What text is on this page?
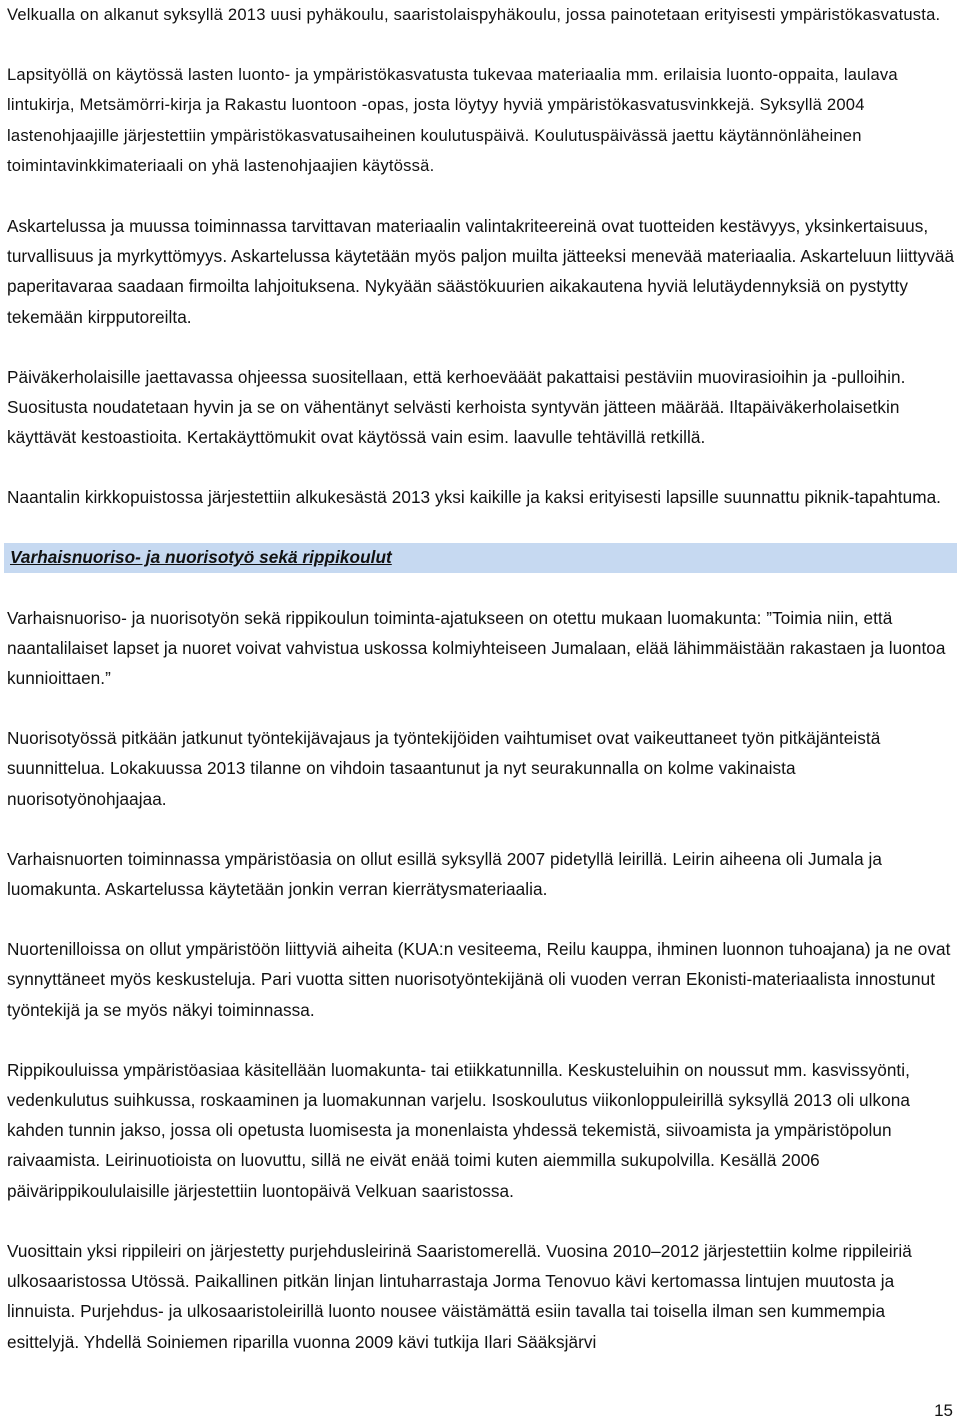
Velkualla on alkanut syksyllä 2013 uusi pyhäkoulu, saaristolaispyhäkoulu, jossa painotetaan erityisesti ympäristökasvatusta.

Lapsityöllä on käytössä lasten luonto- ja ympäristökasvatusta tukevaa materiaalia mm. erilaisia luonto-oppaita, laulava lintukirja, Metsämörri-kirja ja Rakastu luontoon -opas, josta löytyy hyviä ympäristökasvatusvinkkejä. Syksyllä 2004 lastenohjaajille järjestettiin ympäristökasvatusaiheinen koulutuspäivä. Koulutuspäivässä jaettu käytännönläheinen toimintavinkkimateriaali on yhä lastenohjaajien käytössä.

Askartelussa ja muussa toiminnassa tarvittavan materiaalin valintakriteereinä ovat tuotteiden kestävyys, yksinkertaisuus, turvallisuus ja myrkyttömyys. Askartelussa käytetään myös paljon muilta jätteeksi menevää materiaalia. Askarteluun liittyvää paperitavaraa saadaan firmoilta lahjoituksena. Nykyään säästökuurien aikakautena hyviä lelutäydennyksiä on pystytty tekemään kirpputoreilta.

Päiväkerholaisille jaettavassa ohjeessa suositellaan, että kerhoevääät pakattaisi pestäviin muovirasioihin ja -pulloihin. Suositusta noudatetaan hyvin ja se on vähentänyt selvästi kerhoista syntyvän jätteen määrää. Iltapäiväkerholaisetkin käyttävät kestoastioita. Kertakäyttömukit ovat käytössä vain esim. laavulle tehtävillä retkillä.

Naantalin kirkkopuistossa järjestettiin alkukesästä 2013 yksi kaikille ja kaksi erityisesti lapsille suunnattu piknik-tapahtuma.

Varhaisnuoriso- ja nuorisotyö sekä rippikoulut

Varhaisnuoriso- ja nuorisotyön sekä rippikoulun toiminta-ajatukseen on otettu mukaan luomakunta: ”Toimia niin, että naantalilaiset lapset ja nuoret voivat vahvistua uskossa kolmiyhteiseen Jumalaan, elää lähimmäistään rakastaen ja luontoa kunnioittaen.”

Nuorisotyössä pitkään jatkunut työntekijävajaus ja työntekijöiden vaihtumiset ovat vaikeuttaneet työn pitkäjänteistä suunnittelua. Lokakuussa 2013 tilanne on vihdoin tasaantunut ja nyt seurakunnalla on kolme vakinaista nuorisotyönohjaajaa.

Varhaisnuorten toiminnassa ympäristöasia on ollut esillä syksyllä 2007 pidetyllä leirillä. Leirin aiheena oli Jumala ja luomakunta. Askartelussa käytetään jonkin verran kierrätysmateriaalia.

Nuortenilloissa on ollut ympäristöön liittyviä aiheita (KUA:n vesiteema, Reilu kauppa, ihminen luonnon tuhoajana) ja ne ovat synnyttäneet myös keskusteluja. Pari vuotta sitten nuorisotyöntekijänä oli vuoden verran Ekonisti-materiaalista innostunut työntekijä ja se myös näkyi toiminnassa.

Rippikouluissa ympäristöasiaa käsitellään luomakunta- tai etiikkatunnilla. Keskusteluihin on noussut mm. kasvissyönti, vedenkulutus suihkussa, roskaaminen ja luomakunnan varjelu. Isoskoulutus viikonloppuleirillä syksyllä 2013 oli ulkona kahden tunnin jakso, jossa oli opetusta luomisesta ja monenlaista yhdessä tekemistä, siivoamista ja ympäristöpolun raivaamista. Leirinuotioista on luovuttu, sillä ne eivät enää toimi kuten aiemmilla sukupolvilla. Kesällä 2006 päivärippikoululaisille järjestettiin luontopäivä Velkuan saaristossa.

Vuosittain yksi rippileiri on järjestetty purjehdusleirinä Saaristomerellä. Vuosina 2010–2012 järjestettiin kolme rippileiriä ulkosaaristossa Utössä. Paikallinen pitkän linjan lintuharrastaja Jorma Tenovuo kävi kertomassa lintujen muutosta ja linnuista. Purjehdus- ja ulkosaaristoleirillä luonto nousee väistämättä esiin tavalla tai toisella ilman sen kummempia esittelyjä. Yhdellä Soiniemen riparilla vuonna 2009 kävi tutkija Ilari Sääksjärvi

15
